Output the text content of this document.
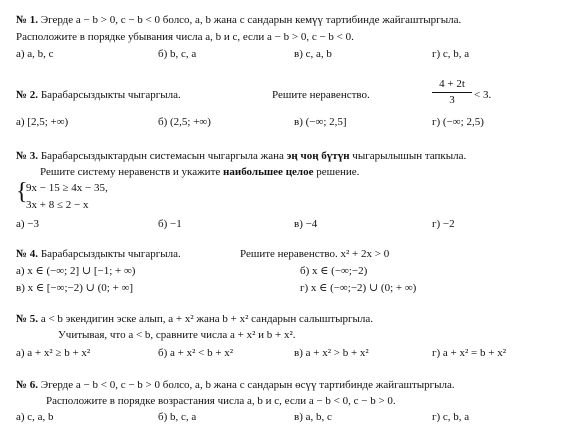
№ 1. Эгерде a − b > 0, c − b < 0 болсо, a, b жана c сандарын кемүү тартибинде жайгаштыргыла.
Расположите в порядке убывания числа a, b и c, если a − b > 0, c − b < 0.
а) a, b, c	б) b, c, a	в) c, a, b	г) c, b, a
№ 2. Барабарсыздыкты чыгаргыла.	Решите неравенство.
4 + 2t
3	< 3.
а) [2,5; +∞)	б) (2,5; +∞)	в) (−∞; 2,5]	г) (−∞; 2,5)
№ 3. Барабарсыздыктардын системасын чыгаргыла жана эң чоң бүтүн чыгарылышын тапкыла.
Решите систему неравенств и укажите наибольшее целое решение.
{
9x − 15 ≥ 4x − 35,
3x + 8 ≤ 2 − x
а) −3	б) −1	в) −4	г) −2
№ 4. Барабарсыздыкты чыгаргыла.	Решите неравенство. x² + 2x > 0
а) x ∈ (−∞; 2] ∪ [−1; + ∞)	б) x ∈ (−∞;−2)
в) x ∈ [−∞;−2) ∪ (0; + ∞]	г) x ∈ (−∞;−2) ∪ (0; + ∞)
№ 5. a < b экендигин эске алып, a + x² жана b + x² сандарын салыштыргыла.
Учитывая, что a < b, сравните числа a + x² и b + x².
а) a + x² ≥ b + x²	б) a + x² < b + x²	в) a + x² > b + x²	г) a + x² = b + x²
№ 6. Эгерде a − b < 0, c − b > 0 болсо, a, b жана c сандарын өсүү тартибинде жайгаштыргыла.
Расположите в порядке возрастания числа a, b и c, если a − b < 0, c − b > 0.
а) c, a, b	б) b, c, a	в) a, b, c	г) c, b, a
